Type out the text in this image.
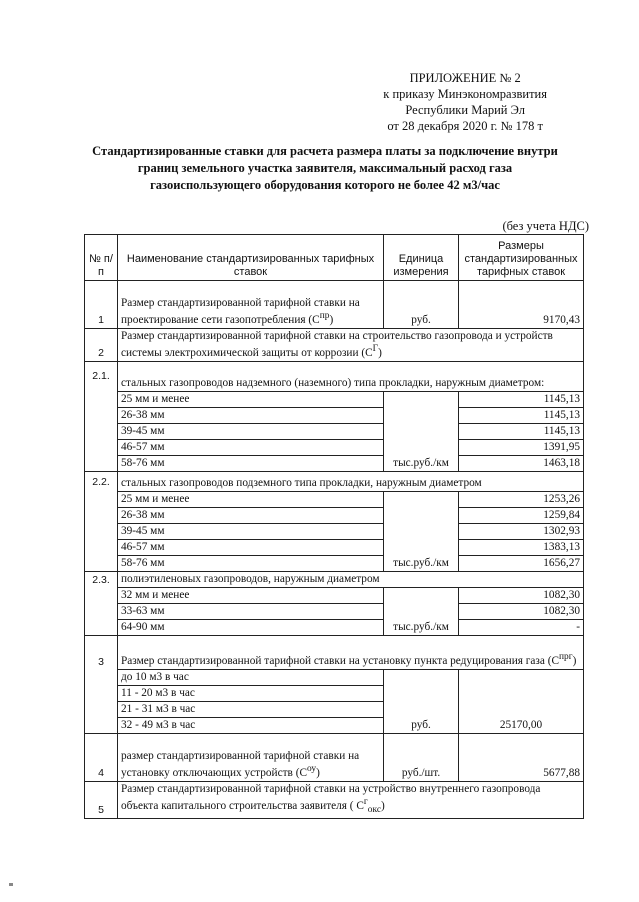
ПРИЛОЖЕНИЕ № 2
к приказу Минэкономразвития
Республики Марий Эл
от 28 декабря 2020 г. № 178 т
Стандартизированные ставки для расчета размера платы за подключение внутри
границ земельного участка заявителя, максимальный расход газа
газоиспользующего оборудования которого не более 42 м3/час
(без учета НДС)
№ п/п	Наименование стандартизированных тарифных ставок	Единица измерения	Размеры стандартизированных тарифных ставок
1	Размер стандартизированной тарифной ставки на проектирование сети газопотребления $(С^{пр})$	руб.	9170,43
2	Размер стандартизированной тарифной ставки на строительство газопровода и устройств системы электрохимической защиты от коррозии $(С^Г)$		
2.1.	стальных газопроводов надземного (наземного) типа прокладки, наружным диаметром:		
	25 мм и менее	тыс.руб./км	1145,13
	26-38 мм		1145,13
	39-45 мм		1145,13
	46-57 мм		1391,95
	58-76 мм		1463,18
2.2.	стальных газопроводов подземного типа прокладки, наружным диаметром		
	25 мм и менее	тыс.руб./км	1253,26
	26-38 мм		1259,84
	39-45 мм		1302,93
	46-57 мм		1383,13
	58-76 мм		1656,27
2.3.	полиэтиленовых газопроводов, наружным диаметром		
	32 мм и менее	тыс.руб./км	1082,30
	33-63 мм		1082,30
	64-90 мм		-
3	Размер стандартизированной тарифной ставки на установку пункта редуцирования газа $(С^{прг})$		
	до 10 м3 в час	руб.	25170,00
	11 - 20 м3 в час		
	21 - 31 м3 в час		
	32 - 49 м3 в час		
4	размер стандартизированной тарифной ставки на установку отключающих устройств $(С^{оу})$	руб./шт.	5677,88
5	Размер стандартизированной тарифной ставки на устройство внутреннего газопровода объекта капитального строительства заявителя ( $С^г_{окс}$)		
